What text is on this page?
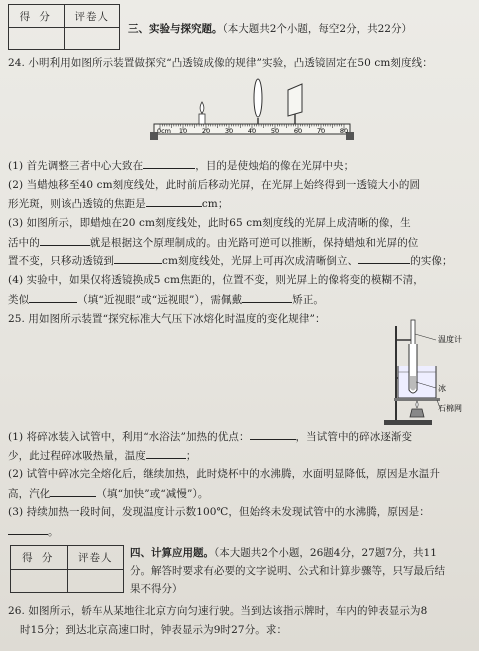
得 分	评卷人
三、实验与探究题。（本大题共2个小题，每空2分，共22分）
24. 小明利用如图所示装置做探究“凸透镜成像的规律”实验，凸透镜固定在50 cm刻度线：
0cm 10 20 30 40 50 60 70 80
(1) 首先调整三者中心大致在	，目的是使烛焰的像在光屏中央；
(2) 当蜡烛移至40 cm刻度线处，此时前后移动光屏，在光屏上始终得到一透镜大小的圆
形光斑，则该凸透镜的焦距是	cm；
(3) 如图所示，即蜡烛在20 cm刻度线处，此时65 cm刻度线的光屏上成清晰的像，生
活中的	就是根据这个原理制成的。由光路可逆可以推断，保持蜡烛和光屏的位
置不变，只移动透镜到	cm刻度线处，光屏上可再次成清晰倒立、	的实像；
(4) 实验中，如果仅将透镜换成5 cm焦距的，位置不变，则光屏上的像将变的模糊不清，
类似	（填“近视眼”或“远视眼”），需佩戴	矫正。
25. 用如图所示装置“探究标准大气压下冰熔化时温度的变化规律”：
温度计
冰
石棉网
(1) 将碎冰装入试管中，利用“水浴法”加热的优点：	，当试管中的碎冰逐渐变
少，此过程碎冰吸热量，温度	；
(2) 试管中碎冰完全熔化后，继续加热，此时烧杯中的水沸腾，水面明显降低，原因是水温升
高，汽化	（填“加快”或“减慢”）。
(3) 持续加热一段时间，发现温度计示数100℃，但始终未发现试管中的水沸腾，原因是：
。
得 分	评卷人	四、计算应用题。（本大题共2个小题，26题4分，27题7分，共11
分。解答时要求有必要的文字说明、公式和计算步骤等，只写最后结
果不得分）
26. 如图所示，轿车从某地往北京方向匀速行驶。当到达该指示牌时，车内的钟表显示为8
时15分；到达北京高速口时，钟表显示为9时27分。求：
